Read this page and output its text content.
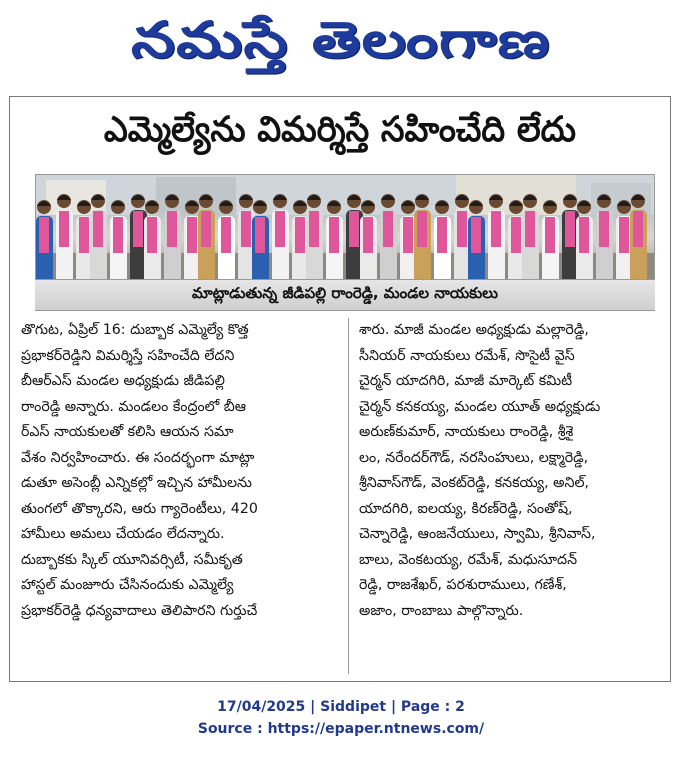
నమస్తే తెలంగాణ
ఎమ్మెల్యేను విమర్శిస్తే సహించేది లేదు
మాట్లాడుతున్న జీడిపల్లి రాంరెడ్డి, మండల నాయకులు

తొగుట, ఏప్రిల్ 16: దుబ్బాక ఎమ్మెల్యే కొత్త

ప్రభాకర్‌రెడ్డిని విమర్శిస్తే సహించేది లేదని

బీఆర్ఎస్ మండల అధ్యక్షుడు జీడిపల్లి

రాంరెడ్డి అన్నారు. మండలం కేంద్రంలో బీఆ

ర్ఎస్ నాయకులతో కలిసి ఆయన సమా

వేశం నిర్వహించారు. ఈ సందర్భంగా మాట్లా

డుతూ అసెంబ్లీ ఎన్నికల్లో ఇచ్చిన హామీలను

తుంగలో తొక్కారని, ఆరు గ్యారెంటీలు, 420

హామీలు అమలు చేయడం లేదన్నారు.

దుబ్బాకకు స్కిల్ యూనివర్సిటీ, సమీకృత

హాస్టల్ మంజూరు చేసినందుకు ఎమ్మెల్యే

ప్రభాకర్‌రెడ్డి ధన్యవాదాలు తెలిపారని గుర్తుచే

శారు. మాజీ మండల అధ్యక్షుడు మల్లారెడ్డి,

సీనియర్ నాయకులు రమేశ్, సొసైటీ వైస్

చైర్మన్ యాదగిరి, మాజీ మార్కెట్ కమిటీ

చైర్మన్ కనకయ్య, మండల యూత్ అధ్యక్షుడు

అరుణ్‌కుమార్, నాయకులు రాంరెడ్డి, శ్రీశై

లం, నరేందర్‌గౌడ్, నరసింహులు, లక్ష్మారెడ్డి,

శ్రీనివాస్‌గౌడ్, వెంకట్‌రెడ్డి, కనకయ్య, అనిల్,

యాదగిరి, ఐలయ్య, కిరణ్‌రెడ్డి, సంతోష్,

చెన్నారెడ్డి, ఆంజనేయులు, స్వామి, శ్రీనివాస్,

బాలు, వెంకటయ్య, రమేశ్, మధుసూదన్

రెడ్డి, రాజశేఖర్, పరశురాములు, గణేశ్,

అజాం, రాంబాబు పాల్గొన్నారు.

17/04/2025 | Siddipet | Page : 2
Source : https://epaper.ntnews.com/
